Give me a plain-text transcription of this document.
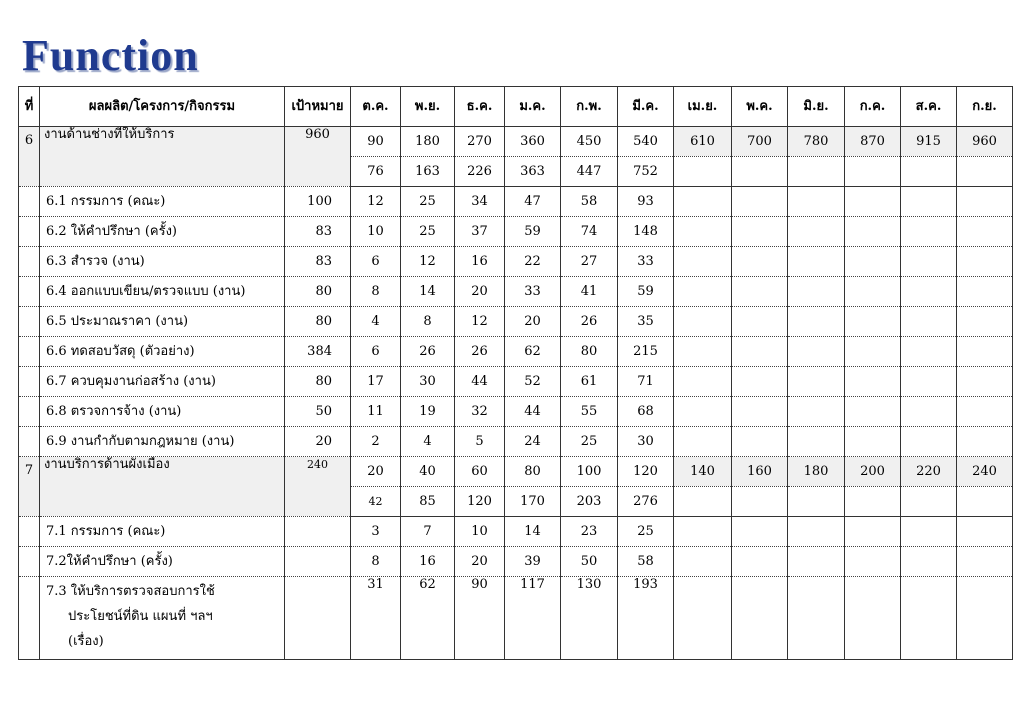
Function
ที่	ผลผลิต/โครงการ/กิจกรรม	เป้าหมาย	ต.ค.	พ.ย.	ธ.ค.	ม.ค.	ก.พ.	มี.ค.	เม.ย.	พ.ค.	มิ.ย.	ก.ค.	ส.ค.	ก.ย.
6	งานด้านช่างที่ให้บริการ	960	90	180	270	360	450	540	610	700	780	870	915	960
			76	163	226	363	447	752						
	6.1 กรรมการ (คณะ)	100	12	25	34	47	58	93						
	6.2 ให้คำปรึกษา (ครั้ง)	83	10	25	37	59	74	148						
	6.3 สำรวจ (งาน)	83	6	12	16	22	27	33						
	6.4 ออกแบบเขียน/ตรวจแบบ (งาน)	80	8	14	20	33	41	59						
	6.5 ประมาณราคา (งาน)	80	4	8	12	20	26	35						
	6.6 ทดสอบวัสดุ (ตัวอย่าง)	384	6	26	26	62	80	215						
	6.7 ควบคุมงานก่อสร้าง (งาน)	80	17	30	44	52	61	71						
	6.8 ตรวจการจ้าง (งาน)	50	11	19	32	44	55	68						
	6.9 งานกำกับตามกฎหมาย (งาน)	20	2	4	5	24	25	30						
7	งานบริการด้านผังเมือง	240	20	40	60	80	100	120	140	160	180	200	220	240
			42	85	120	170	203	276						
	7.1 กรรมการ (คณะ)		3	7	10	14	23	25						
	7.2ให้คำปรึกษา (ครั้ง)		8	16	20	39	50	58						
	7.3 ให้บริการตรวจสอบการใช้
ประโยชน์ที่ดิน แผนที่ ฯลฯ
(เรื่อง)		31	62	90	117	130	193						
